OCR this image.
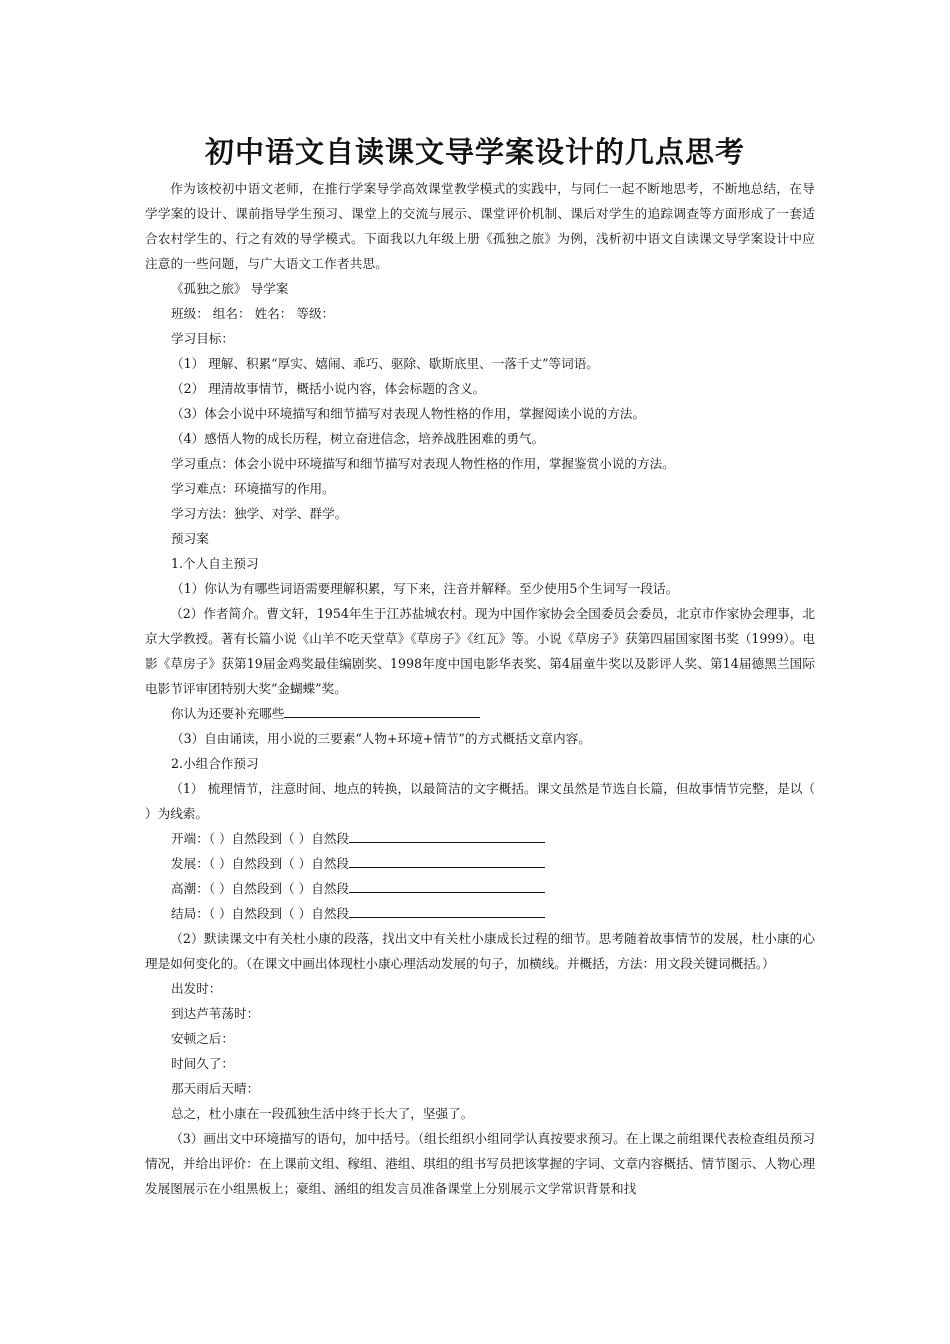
初中语文自读课文导学案设计的几点思考

作为该校初中语文老师，在推行学案导学高效课堂教学模式的实践中，与同仁一起不断地思考，不断地总结，在导学学案的设计、课前指导学生预习、课堂上的交流与展示、课堂评价机制、课后对学生的追踪调查等方面形成了一套适合农村学生的、行之有效的导学模式。下面我以九年级上册《孤独之旅》为例，浅析初中语文自读课文导学案设计中应注意的一些问题，与广大语文工作者共思。

《孤独之旅》 导学案

班级： 组名： 姓名： 等级：

学习目标：

（1） 理解、积累“厚实、嬉闹、乖巧、驱除、歇斯底里、一落千丈”等词语。

（2） 理清故事情节，概括小说内容，体会标题的含义。

（3）体会小说中环境描写和细节描写对表现人物性格的作用，掌握阅读小说的方法。

（4）感悟人物的成长历程，树立奋进信念，培养战胜困难的勇气。

学习重点：体会小说中环境描写和细节描写对表现人物性格的作用，掌握鉴赏小说的方法。

学习难点：环境描写的作用。

学习方法：独学、对学、群学。

预习案

1.个人自主预习

（1）你认为有哪些词语需要理解积累，写下来，注音并解释。至少使用5个生词写一段话。

（2）作者简介。曹文轩，1954年生于江苏盐城农村。现为中国作家协会全国委员会委员，北京市作家协会理事，北京大学教授。著有长篇小说《山羊不吃天堂草》《草房子》《红瓦》等。小说《草房子》获第四届国家图书奖（1999）。电影《草房子》获第19届金鸡奖最佳编剧奖、1998年度中国电影华表奖、第4届童牛奖以及影评人奖、第14届德黑兰国际电影节评审团特别大奖“金蝴蝶”奖。

你认为还要补充哪些

（3）自由诵读，用小说的三要素“人物+环境+情节”的方式概括文章内容。

2.小组合作预习

（1） 梳理情节，注意时间、地点的转换，以最简洁的文字概括。课文虽然是节选自长篇，但故事情节完整，是以（ ）为线索。

开端：（ ）自然段到（ ）自然段

发展：（ ）自然段到（ ）自然段

高潮：（ ）自然段到（ ）自然段

结局：（ ）自然段到（ ）自然段

（2）默读课文中有关杜小康的段落，找出文中有关杜小康成长过程的细节。思考随着故事情节的发展，杜小康的心理是如何变化的。（在课文中画出体现杜小康心理活动发展的句子，加横线。并概括，方法：用文段关键词概括。）

出发时：

到达芦苇荡时：

安顿之后：

时间久了：

那天雨后天晴：

总之，杜小康在一段孤独生活中终于长大了，坚强了。

（3）画出文中环境描写的语句，加中括号。（组长组织小组同学认真按要求预习。在上课之前组课代表检查组员预习情况，并给出评价：在上课前文组、稼组、港组、琪组的组书写员把该掌握的字词、文章内容概括、情节图示、人物心理发展图展示在小组黑板上；豪组、涵组的组发言员准备课堂上分别展示文学常识背景和找
